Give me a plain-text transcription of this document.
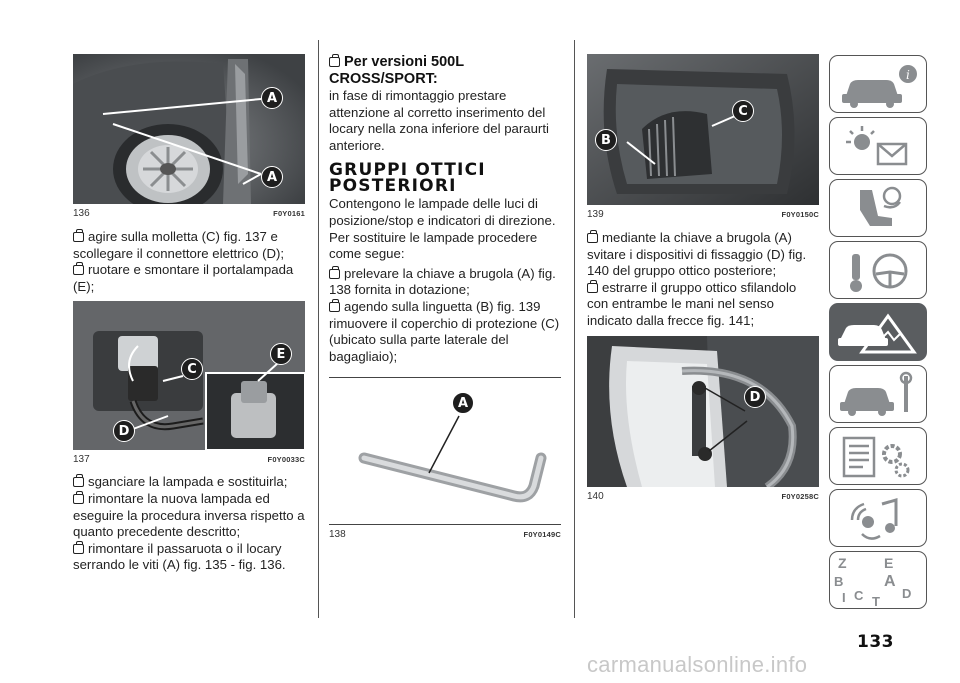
A
A
136	F0Y0161
agire sulla molletta (C) fig. 137 e scollegare il connettore elettrico (D);
ruotare e smontare il portalampada (E);
C
E
D
137	F0Y0033C
sganciare la lampada e sostituirla;
rimontare la nuova lampada ed eseguire la procedura inversa rispetto a quanto precedente descritto;
rimontare il passaruota o il locary serrando le viti (A) fig. 135 - fig. 136.
Per versioni 500L CROSS/SPORT:
in fase di rimontaggio prestare attenzione al corretto inserimento del locary nella zona inferiore del paraurti anteriore.
GRUPPI OTTICI
POSTERIORI
Contengono le lampade delle luci di posizione/stop e indicatori di direzione. Per sostituire le lampade procedere come segue:
prelevare la chiave a brugola (A) fig. 138 fornita in dotazione;
agendo sulla linguetta (B) fig. 139 rimuovere il coperchio di protezione (C) (ubicato sulla parte laterale del bagagliaio);
A
138	F0Y0149C
C
B
139	F0Y0150C
mediante la chiave a brugola (A) svitare i dispositivi di fissaggio (D) fig. 140 del gruppo ottico posteriore;
estrarre il gruppo ottico sfilandolo con entrambe le mani nel senso indicato dalla frecce fig. 141;
D
140	F0Y0258C
i
Z	E
A
B
C T
D
I
133
carmanualsonline.info
